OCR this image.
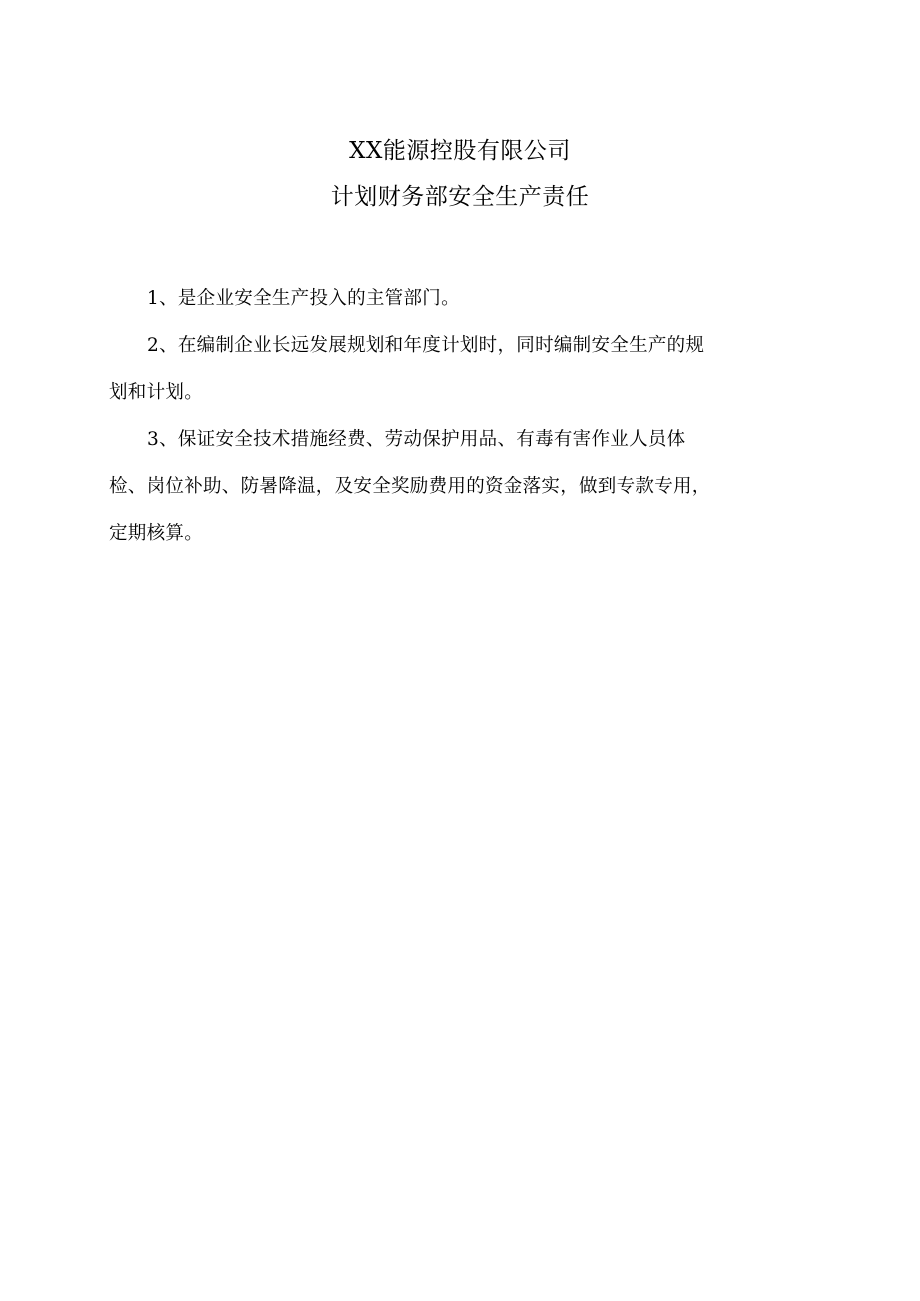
XX能源控股有限公司
计划财务部安全生产责任

1、是企业安全生产投入的主管部门。

2、在编制企业长远发展规划和年度计划时，同时编制安全生产的规
划和计划。

3、保证安全技术措施经费、劳动保护用品、有毒有害作业人员体
检、岗位补助、防暑降温，及安全奖励费用的资金落实，做到专款专用，
定期核算。
